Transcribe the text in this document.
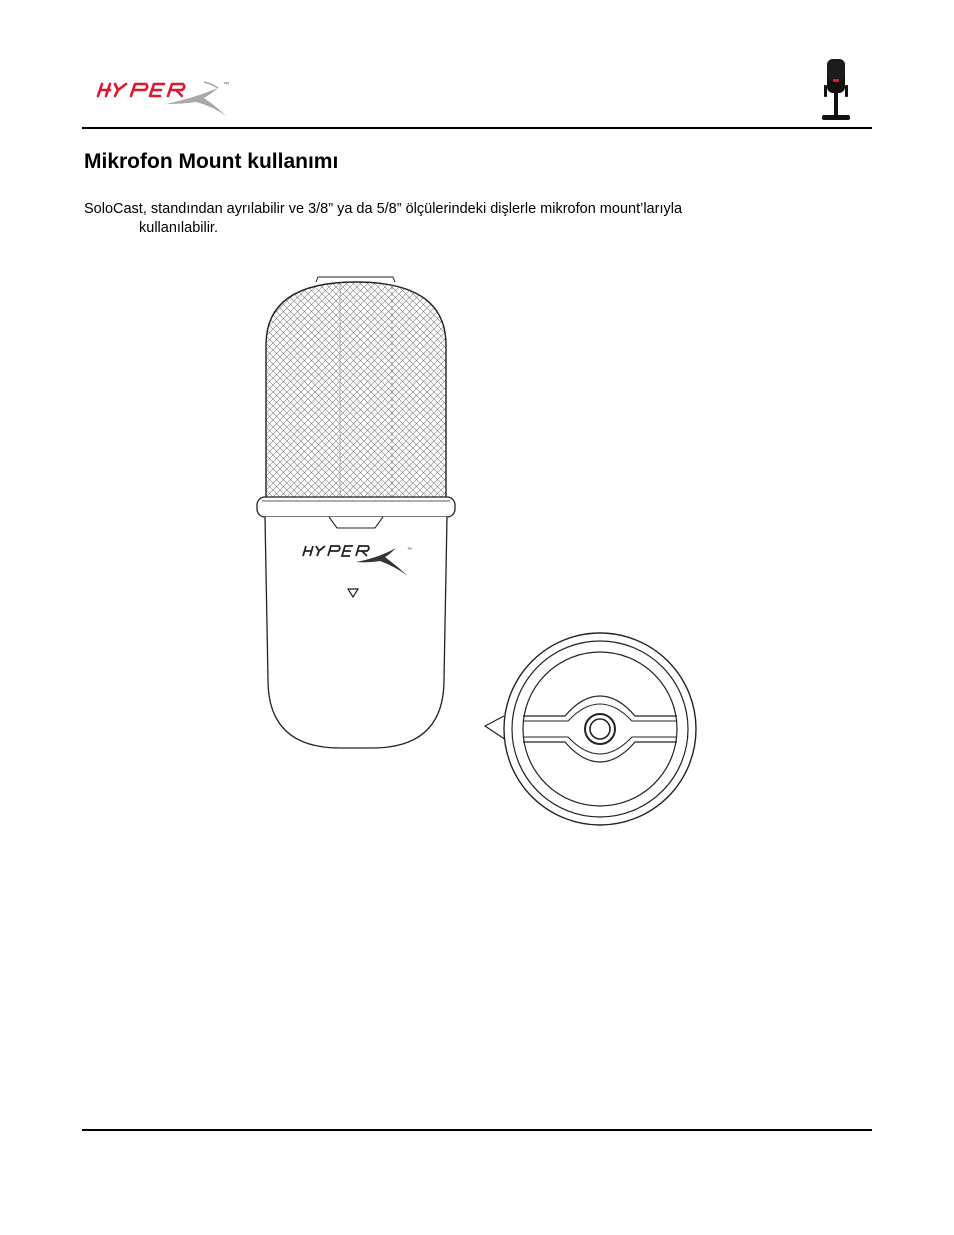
™
Mikrofon Mount kullanımı
SoloCast, standından ayrılabilir ve 3/8” ya da 5/8” ölçülerindeki dişlerle mikrofon mount’larıyla
kullanılabilir.
™
